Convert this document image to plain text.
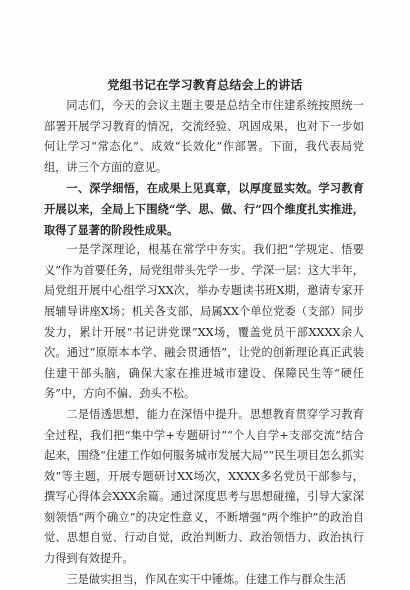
党组书记在学习教育总结会上的讲话

同志们，今天的会议主题主要是总结全市住建系统按照统一部署开展学习教育的情况，交流经验、巩固成果，也对下一步如何让学习“常态化”、成效“长效化”作部署。下面，我代表局党组，讲三个方面的意见。

一、深学细悟，在成果上见真章，以厚度显实效。学习教育开展以来，全局上下围绕“学、思、做、行”四个维度扎实推进，取得了显著的阶段性成果。

一是学深理论，根基在常学中夯实。我们把“学规定、悟要义”作为首要任务，局党组带头先学一步、学深一层：这大半年，局党组开展中心组学习XX次，举办专题读书班X期，邀请专家开展辅导讲座X场；机关各支部、局属XX个单位党委（支部）同步发力，累计开展“书记讲党课”XX场，覆盖党员干部XXXX余人次。通过“原原本本学、融会贯通悟”，让党的创新理论真正武装住建干部头脑，确保大家在推进城市建设、保障民生等“硬任务”中，方向不偏、劲头不松。

二是悟透思想，能力在深悟中提升。思想教育贯穿学习教育全过程，我们把“集中学+专题研讨”“个人自学+支部交流”结合起来，围绕“住建工作如何服务城市发展大局”“民生项目怎么抓实效”等主题，开展专题研讨XX场次，XXXX多名党员干部参与，撰写心得体会XXX余篇。通过深度思考与思想碰撞，引导大家深刻领悟“两个确立”的决定性意义，不断增强“两个维护”的政治自觉、思想自觉、行动自觉，政治判断力、政治领悟力、政治执行力得到有效提升。

三是做实担当，作风在实干中锤炼。住建工作与群众生活
